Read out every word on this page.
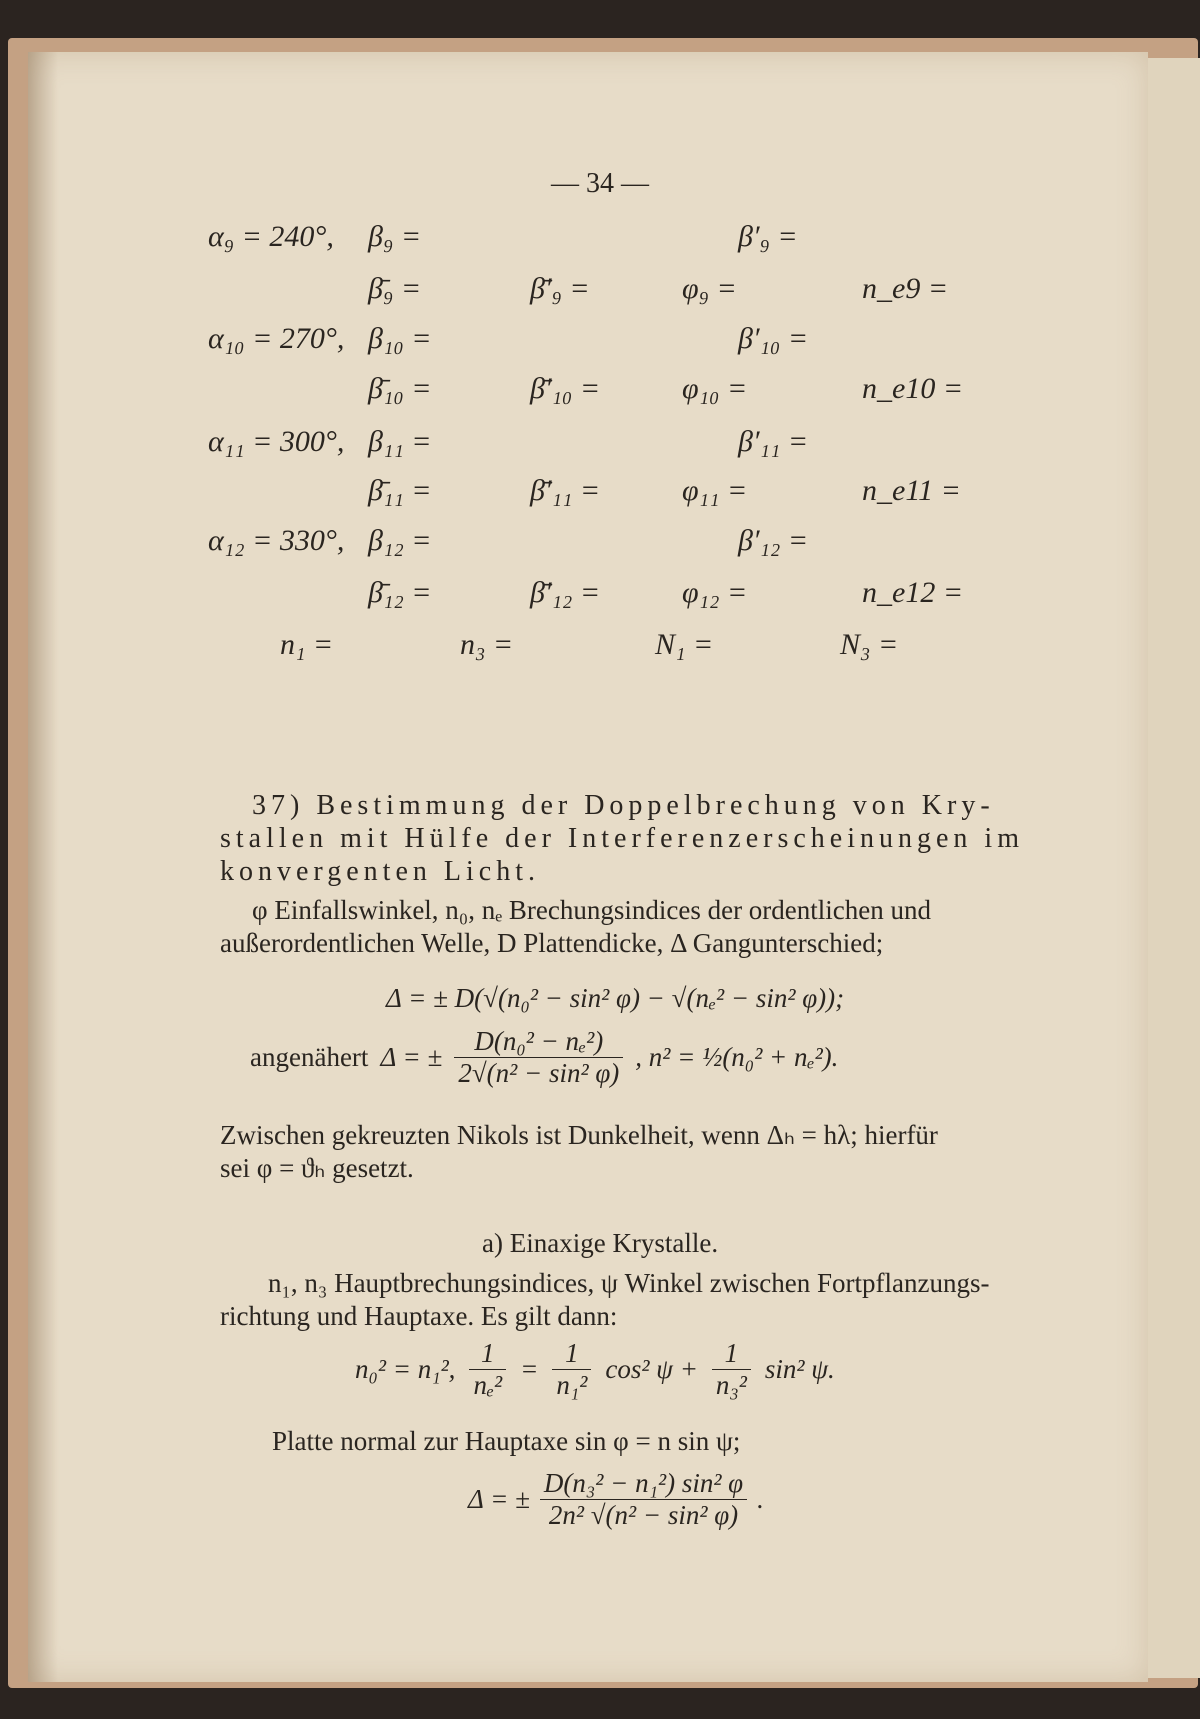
— 34 —
α₉ = 240°, β₉ =	β′₉ =
β̄₉ =	β̄′₉ =	φ₉ =	n_e9 =
α₁₀ = 270°, β₁₀ =	β′₁₀ =
β̄₁₀ =	β̄′₁₀ =	φ₁₀ =	n_e10 =
α₁₁ = 300°, β₁₁ =	β′₁₁ =
β̄₁₁ =	β̄′₁₁ =	φ₁₁ =	n_e11 =
α₁₂ = 330°, β₁₂ =	β′₁₂ =
β̄₁₂ =	β̄′₁₂ =	φ₁₂ =	n_e12 =
n₁ =	n₃ =	N₁ =	N₃ =
37) Bestimmung der Doppelbrechung von Kry-
stallen mit Hülfe der Interferenzerscheinungen im
konvergenten Licht.
φ Einfallswinkel, n₀, nₑ Brechungsindices der ordentlichen und
außerordentlichen Welle, D Plattendicke, Δ Gangunterschied;
Δ = ± D(√(n₀² − sin² φ) − √(nₑ² − sin² φ));
angenähert Δ = ± $\frac{\text{D(n₀² − nₑ²)}}{\text{2√(n² − sin² φ)}}$ , n² = ½(n₀² + nₑ²).
Zwischen gekreuzten Nikols ist Dunkelheit, wenn Δₕ = hλ; hierfür
sei φ = ϑₕ gesetzt.
a) Einaxige Krystalle.
n₁, n₃ Hauptbrechungsindices, ψ Winkel zwischen Fortpflanzungs-
richtung und Hauptaxe. Es gilt dann:
n₀² = n₁², $\frac{1}{\text{nₑ²}} = \frac{1}{\text{n₁²}} \cos^2$ $\psi + \frac{1}{\text{n₃²}} \sin^2$ ψ.
Platte normal zur Hauptaxe sin φ = n sin ψ;
Δ = ± $\frac{\text{D(n₃² − n₁²) sin² φ}}{\text{2n² √(n² − sin² φ)}}$ .
